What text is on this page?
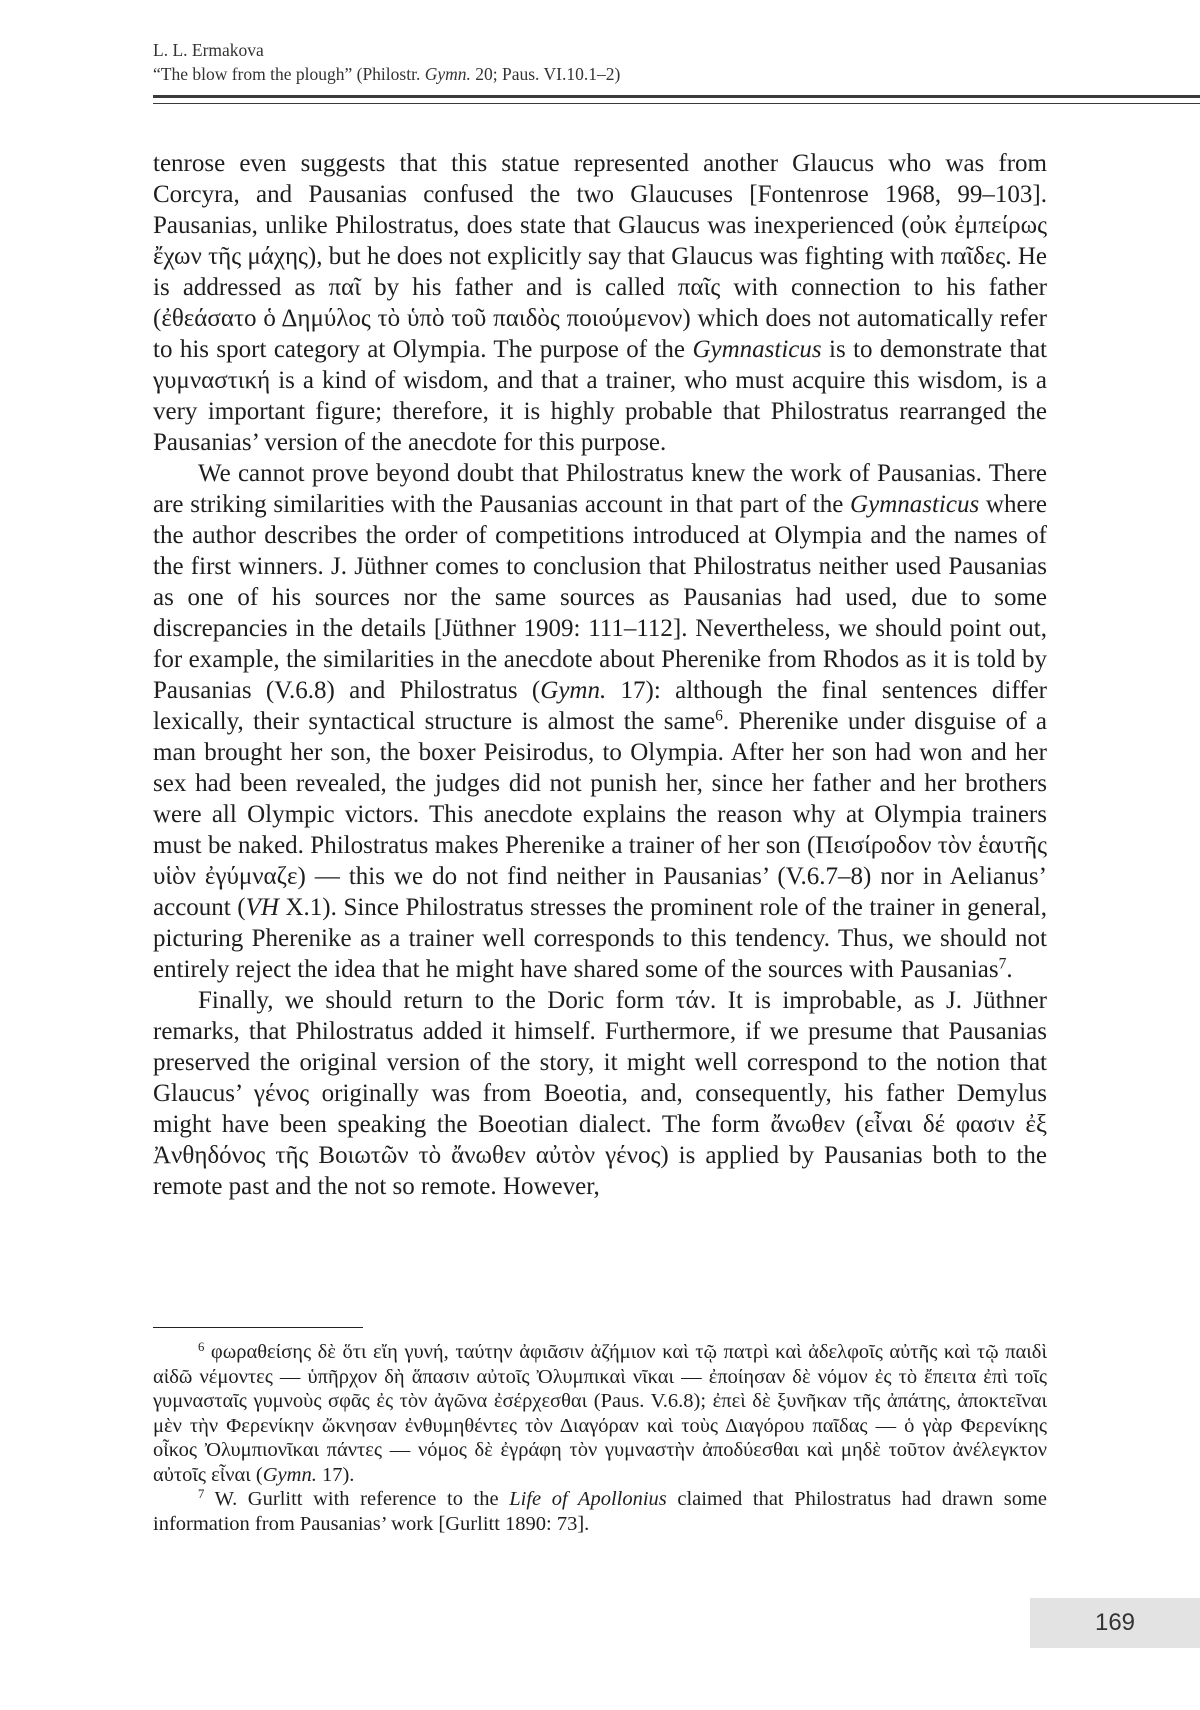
L. L. Ermakova
“The blow from the plough” (Philostr. Gymn. 20; Paus. VI.10.1–2)

tenrose even suggests that this statue represented another Glaucus who was from Corcyra, and Pausanias confused the two Glaucuses [Fontenrose 1968, 99–103]. Pausanias, unlike Philostratus, does state that Glaucus was inexperienced (οὐκ ἐμπείρως ἔχων τῆς μάχης), but he does not explicitly say that Glaucus was fighting with παῖδες. He is addressed as παῖ by his father and is called παῖς with connection to his father (ἐθεάσατο ὁ Δημύλος τὸ ὑπὸ τοῦ παιδὸς ποιούμενον) which does not automatically refer to his sport category at Olympia. The purpose of the Gymnasticus is to demonstrate that γυμναστική is a kind of wisdom, and that a trainer, who must acquire this wisdom, is a very important figure; therefore, it is highly probable that Philostratus rearranged the Pausanias’ version of the anecdote for this purpose.

We cannot prove beyond doubt that Philostratus knew the work of Pausanias. There are striking similarities with the Pausanias account in that part of the Gymnasticus where the author describes the order of competitions introduced at Olympia and the names of the first winners. J. Jüthner comes to conclusion that Philostratus neither used Pausanias as one of his sources nor the same sources as Pausanias had used, due to some discrepancies in the details [Jüthner 1909: 111–112]. Nevertheless, we should point out, for example, the similarities in the anecdote about Pherenike from Rhodos as it is told by Pausanias (V.6.8) and Philostratus (Gymn. 17): although the final sentences differ lexically, their syntactical structure is almost the same$^6$. Pherenike under disguise of a man brought her son, the boxer Peisirodus, to Olympia. After her son had won and her sex had been revealed, the judges did not punish her, since her father and her brothers were all Olympic victors. This anecdote explains the reason why at Olympia trainers must be naked. Philostratus makes Pherenike a trainer of her son (Πεισίροδον τὸν ἑαυτῆς υἱὸν ἐγύμναζε) — this we do not find neither in Pausanias’ (V.6.7–8) nor in Aelianus’ account (VH X.1). Since Philostratus stresses the prominent role of the trainer in general, picturing Pherenike as a trainer well corresponds to this tendency. Thus, we should not entirely reject the idea that he might have shared some of the sources with Pausanias$^7$.

Finally, we should return to the Doric form τάν. It is improbable, as J. Jüthner remarks, that Philostratus added it himself. Furthermore, if we presume that Pausanias preserved the original version of the story, it might well correspond to the notion that Glaucus’ γένος originally was from Boeotia, and, consequently, his father Demylus might have been speaking the Boeotian dialect. The form ἄνωθεν (εἶναι δέ φασιν ἐξ Ἀνθηδόνος τῆς Βοιωτῶν τὸ ἄνωθεν αὐτὸν γένος) is applied by Pausanias both to the remote past and the not so remote. However,

$^6$ φωραθείσης δὲ ὅτι εἴη γυνή, ταύτην ἀφιᾶσιν ἀζήμιον καὶ τῷ πατρὶ καὶ ἀδελφοῖς αὐτῆς καὶ τῷ παιδὶ αἰδῶ νέμοντες — ὑπῆρχον δὴ ἅπασιν αὐτοῖς Ὀλυμπικαὶ νῖκαι — ἐποίησαν δὲ νόμον ἐς τὸ ἔπειτα ἐπὶ τοῖς γυμνασταῖς γυμνοὺς σφᾶς ἐς τὸν ἀγῶνα ἐσέρχεσθαι (Paus. V.6.8); ἐπεὶ δὲ ξυνῆκαν τῆς ἀπάτης, ἀποκτεῖναι μὲν τὴν Φερενίκην ὤκνησαν ἐνθυμηθέντες τὸν Διαγόραν καὶ τοὺς Διαγόρου παῖδας — ὁ γὰρ Φερενίκης οἶκος Ὀλυμπιονῖκαι πάντες — νόμος δὲ ἐγράφη τὸν γυμναστὴν ἀποδύεσθαι καὶ μηδὲ τοῦτον ἀνέλεγκτον αὐτοῖς εἶναι (Gymn. 17).

$^7$ W. Gurlitt with reference to the Life of Apollonius claimed that Philostratus had drawn some information from Pausanias’ work [Gurlitt 1890: 73].

169
